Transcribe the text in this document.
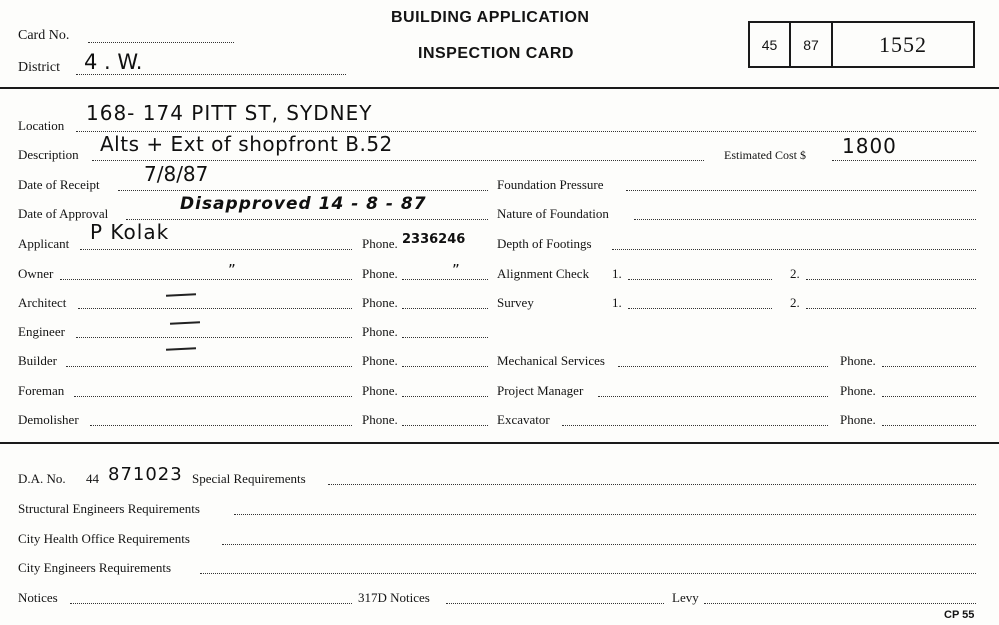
Card No.
District 4 . W.
BUILDING APPLICATION
INSPECTION CARD
45	87	1552
Location
168- 174 PITT ST, SYDNEY
Description Alts + Ext of shopfront B.52	Estimated Cost $ 1800
Date of Receipt 7/8/87	Foundation Pressure
Date of Approval	Disapproved 14 - 8 - 87	Nature of Foundation
Applicant P Kolak	Phone. 2336246 Depth of Footings
Owner	”	Phone.	”	Alignment Check 1.	2.
Architect	Phone.	Survey	1.	2.
Engineer	Phone.
Builder	Phone.	Mechanical Services	Phone.
Foreman	Phone.	Project Manager	Phone.
Demolisher	Phone.	Excavator	Phone.
D.A. No. 44 871023 Special Requirements
Structural Engineers Requirements
City Health Office Requirements
City Engineers Requirements
Notices	317D Notices	Levy
CP 55
